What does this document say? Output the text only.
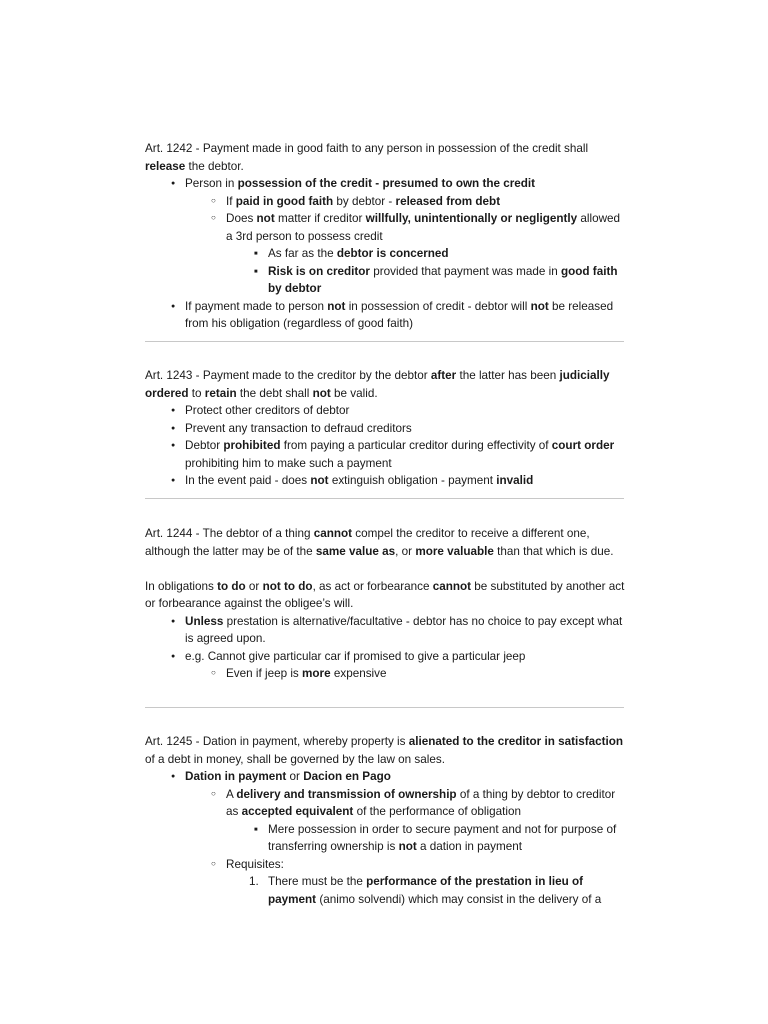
Art. 1242 - Payment made in good faith to any person in possession of the credit shall release the debtor.

●
Person in possession of the credit - presumed to own the credit
○
If paid in good faith by debtor - released from debt
○
Does not matter if creditor willfully, unintentionally or negligently allowed a 3rd person to possess credit
■
As far as the debtor is concerned
■
Risk is on creditor provided that payment was made in good faith by debtor
●
If payment made to person not in possession of credit - debtor will not be released from his obligation (regardless of good faith)

Art. 1243 - Payment made to the creditor by the debtor after the latter has been judicially ordered to retain the debt shall not be valid.

●
Protect other creditors of debtor
●
Prevent any transaction to defraud creditors
●
Debtor prohibited from paying a particular creditor during effectivity of court order prohibiting him to make such a payment
●
In the event paid - does not extinguish obligation - payment invalid

Art. 1244 - The debtor of a thing cannot compel the creditor to receive a different one, although the latter may be of the same value as, or more valuable than that which is due.

In obligations to do or not to do, as act or forbearance cannot be substituted by another act or forbearance against the obligee’s will.

●
Unless prestation is alternative/facultative - debtor has no choice to pay except what is agreed upon.
●
e.g. Cannot give particular car if promised to give a particular jeep
○
Even if jeep is more expensive

Art. 1245 - Dation in payment, whereby property is alienated to the creditor in satisfaction of a debt in money, shall be governed by the law on sales.

●
Dation in payment or Dacion en Pago
○
A delivery and transmission of ownership of a thing by debtor to creditor as accepted equivalent of the performance of obligation
■
Mere possession in order to secure payment and not for purpose of transferring ownership is not a dation in payment
○
Requisites:
1. There must be the performance of the prestation in lieu of payment (animo solvendi) which may consist in the delivery of a
